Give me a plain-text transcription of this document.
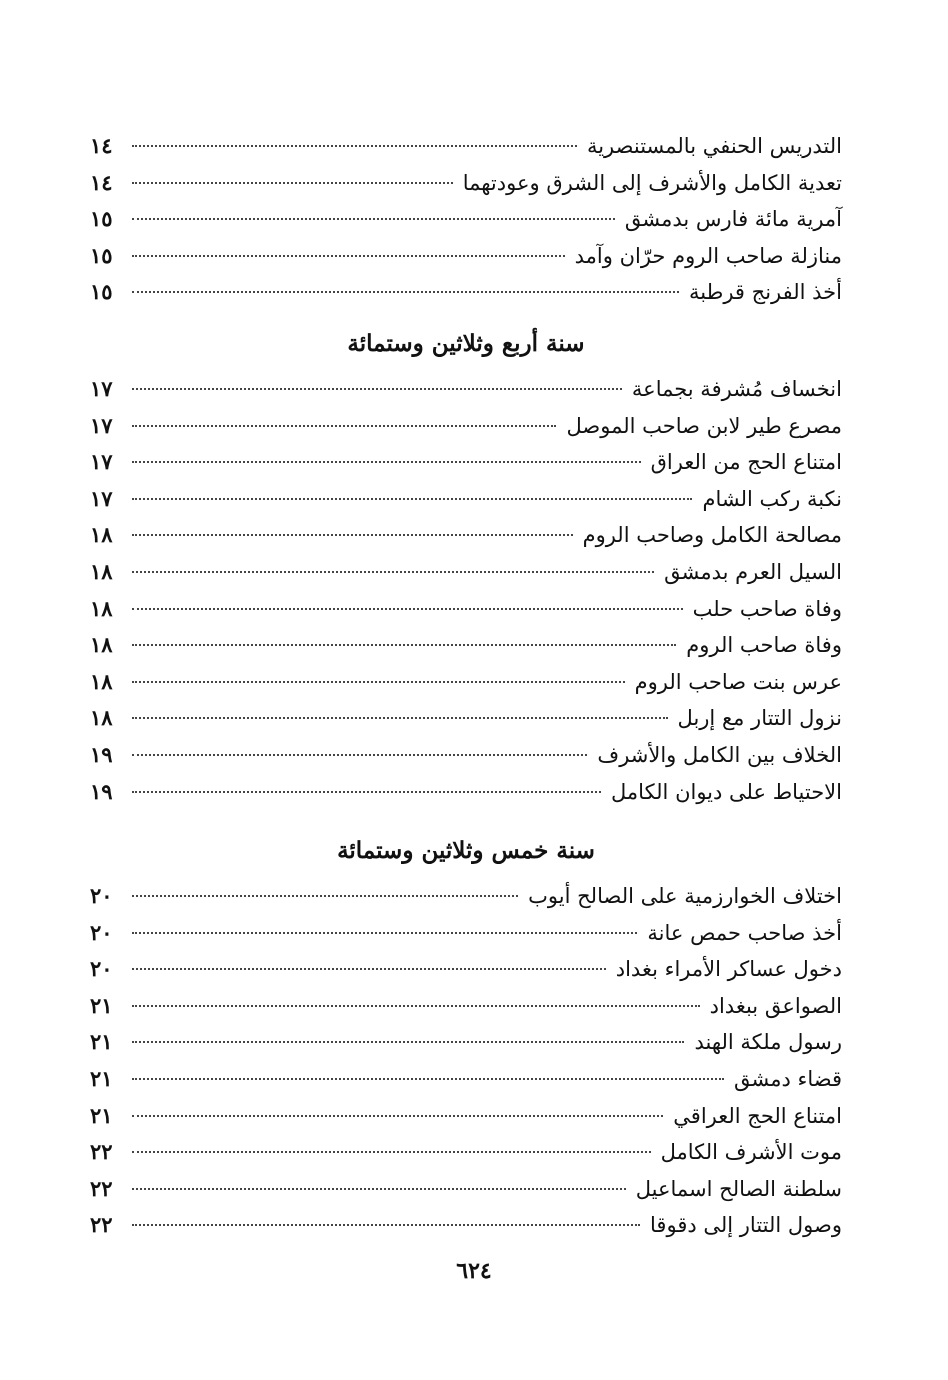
التدريس الحنفي بالمستنصرية
١٤
تعدية الكامل والأشرف إلى الشرق وعودتهما
١٤
آمرية مائة فارس بدمشق
١٥
منازلة صاحب الروم حرّان وآمد
١٥
أخذ الفرنج قرطبة
١٥
سنة أربع وثلاثين وستمائة
انخساف مُشرفة بجماعة
١٧
مصرع طير لابن صاحب الموصل
١٧
امتناع الحج من العراق
١٧
نكبة ركب الشام
١٧
مصالحة الكامل وصاحب الروم
١٨
السيل العرم بدمشق
١٨
وفاة صاحب حلب
١٨
وفاة صاحب الروم
١٨
عرس بنت صاحب الروم
١٨
نزول التتار مع إربل
١٨
الخلاف بين الكامل والأشرف
١٩
الاحتياط على ديوان الكامل
١٩
سنة خمس وثلاثين وستمائة
اختلاف الخوارزمية على الصالح أيوب
٢٠
أخذ صاحب حمص عانة
٢٠
دخول عساكر الأمراء بغداد
٢٠
الصواعق ببغداد
٢١
رسول ملكة الهند
٢١
قضاء دمشق
٢١
امتناع الحج العراقي
٢١
موت الأشرف الكامل
٢٢
سلطنة الصالح اسماعيل
٢٢
وصول التتار إلى دقوقا
٢٢
٦٢٤
